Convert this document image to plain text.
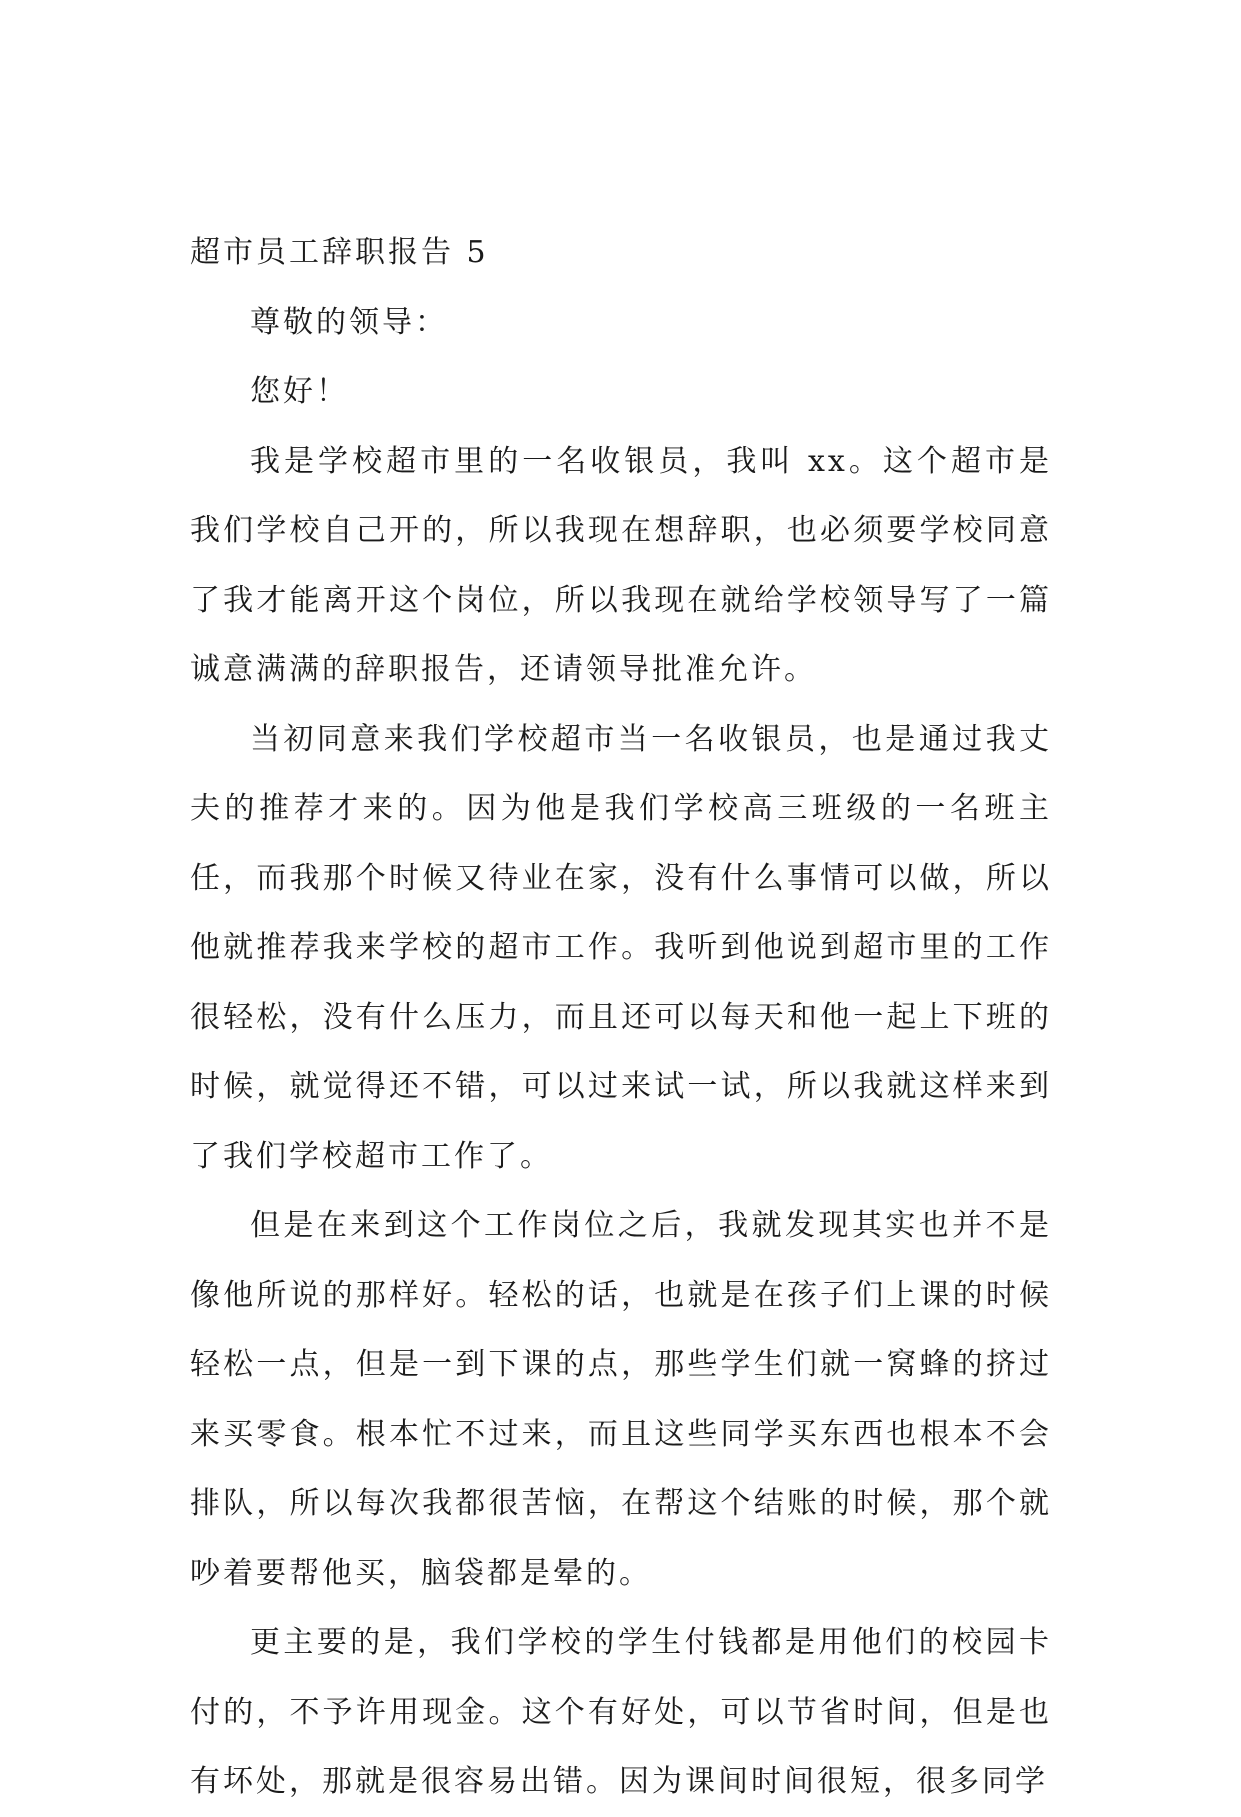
超市员工辞职报告 5

尊敬的领导：

您好！

我是学校超市里的一名收银员，我叫 xx。这个超市是我们学校自己开的，所以我现在想辞职，也必须要学校同意了我才能离开这个岗位，所以我现在就给学校领导写了一篇诚意满满的辞职报告，还请领导批准允许。

当初同意来我们学校超市当一名收银员，也是通过我丈夫的推荐才来的。因为他是我们学校高三班级的一名班主任，而我那个时候又待业在家，没有什么事情可以做，所以他就推荐我来学校的超市工作。我听到他说到超市里的工作很轻松，没有什么压力，而且还可以每天和他一起上下班的时候，就觉得还不错，可以过来试一试，所以我就这样来到了我们学校超市工作了。

但是在来到这个工作岗位之后，我就发现其实也并不是像他所说的那样好。轻松的话，也就是在孩子们上课的时候轻松一点，但是一到下课的点，那些学生们就一窝蜂的挤过来买零食。根本忙不过来，而且这些同学买东西也根本不会排队，所以每次我都很苦恼，在帮这个结账的时候，那个就吵着要帮他买，脑袋都是晕的。

更主要的是，我们学校的学生付钱都是用他们的校园卡付的，不予许用现金。这个有好处，可以节省时间，但是也有坏处，那就是很容易出错。因为课间时间很短，很多同学
